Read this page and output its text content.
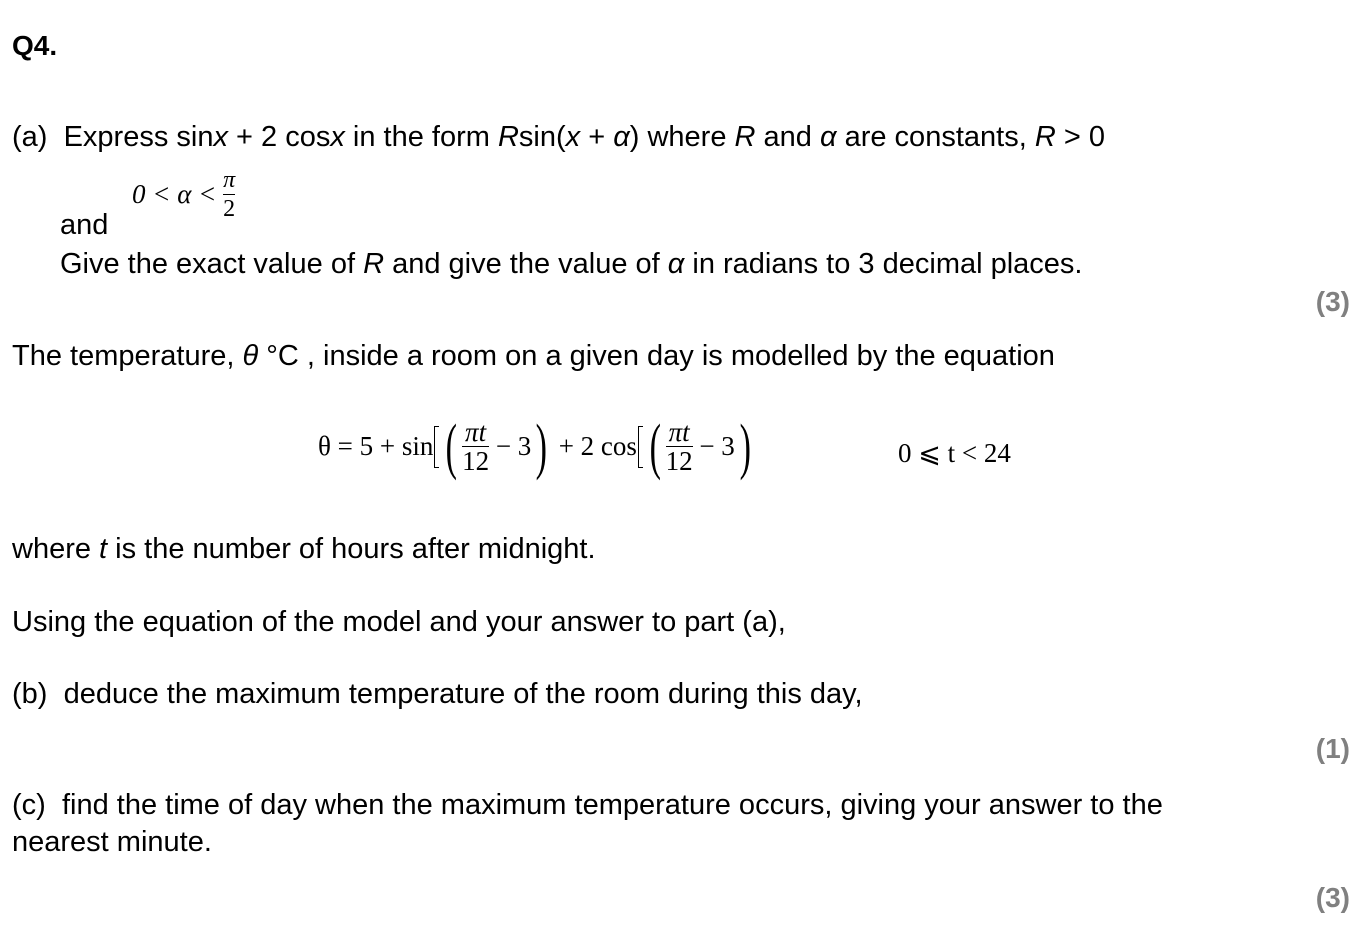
Q4.
(a) Express sinx + 2 cosx in the form Rsin(x + α) where R and α are constants, R > 0
and
$0 < \alpha < \frac{\pi}{2}$
Give the exact value of R and give the value of α in radians to 3 decimal places.
(3)
The temperature, θ °C , inside a room on a given day is modelled by the equation
θ = 5 + sin ( $\frac{\pi t}{12} - 3) + 2$ cos ( $\frac{\pi t}{12} - 3$)	0 ⩽ t < 24
where t is the number of hours after midnight.
Using the equation of the model and your answer to part (a),
(b) deduce the maximum temperature of the room during this day,
(1)
(c) find the time of day when the maximum temperature occurs, giving your answer to the
nearest minute.
(3)
